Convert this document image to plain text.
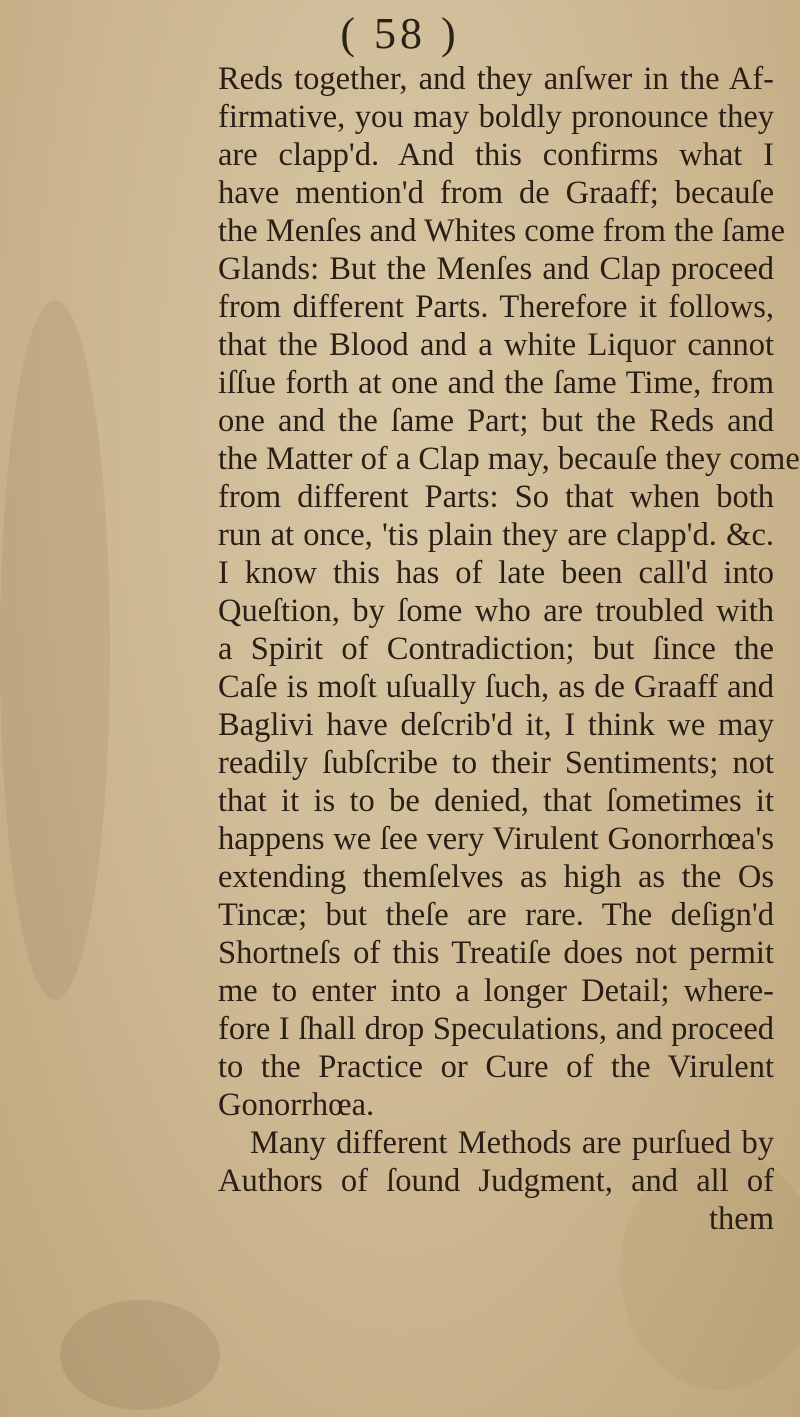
( 58 )
Reds together, and they anſwer in the Af-
firmative, you may boldly pronounce they
are clapp'd. And this confirms what I
have mention'd from de Graaff; becauſe
the Menſes and Whites come from the ſame
Glands: But the Menſes and Clap proceed
from different Parts. Therefore it follows,
that the Blood and a white Liquor cannot
iſſue forth at one and the ſame Time, from
one and the ſame Part; but the Reds and
the Matter of a Clap may, becauſe they come
from different Parts: So that when both
run at once, 'tis plain they are clapp'd. &c.
I know this has of late been call'd into
Queſtion, by ſome who are troubled with
a Spirit of Contradiction; but ſince the
Caſe is moſt uſually ſuch, as de Graaff and
Baglivi have deſcrib'd it, I think we may
readily ſubſcribe to their Sentiments; not
that it is to be denied, that ſometimes it
happens we ſee very Virulent Gonorrhœa's
extending themſelves as high as the Os
Tincæ; but theſe are rare. The deſign'd
Shortneſs of this Treatiſe does not permit
me to enter into a longer Detail; where-
fore I ſhall drop Speculations, and proceed
to the Practice or Cure of the Virulent
Gonorrhœa.
Many different Methods are purſued by
Authors of ſound Judgment, and all of
them
